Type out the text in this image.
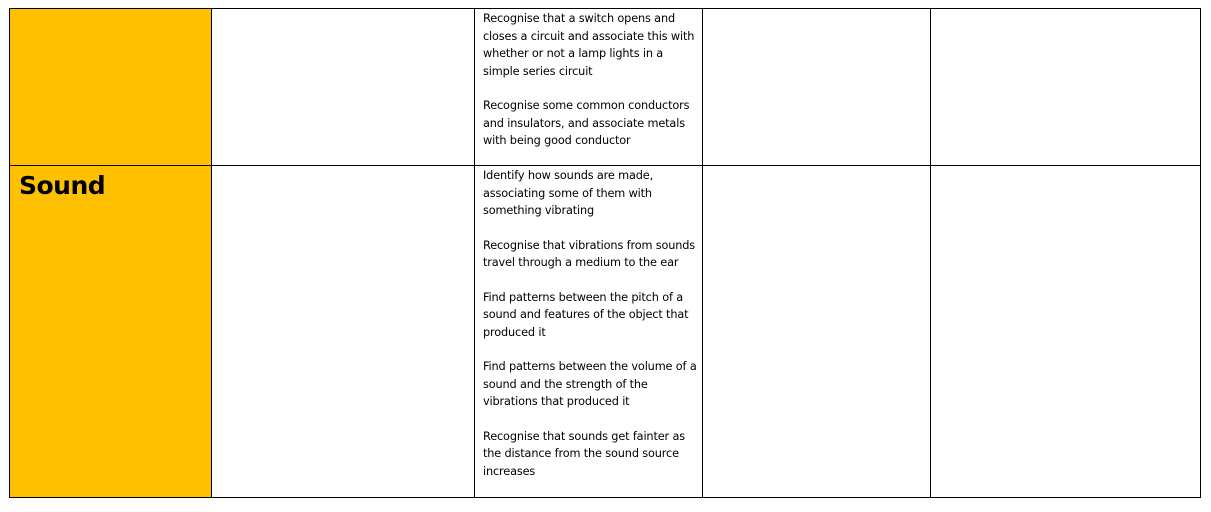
		Recognise that a switch opens and closes a circuit and associate this with whether or not a lamp lights in a simple series circuit

Recognise some common conductors and insulators, and associate metals with being good conductor		

Sound		Identify how sounds are made, associating some of them with something vibrating

Recognise that vibrations from sounds travel through a medium to the ear

Find patterns between the pitch of a sound and features of the object that produced it

Find patterns between the volume of a sound and the strength of the vibrations that produced it

Recognise that sounds get fainter as the distance from the sound source increases		
